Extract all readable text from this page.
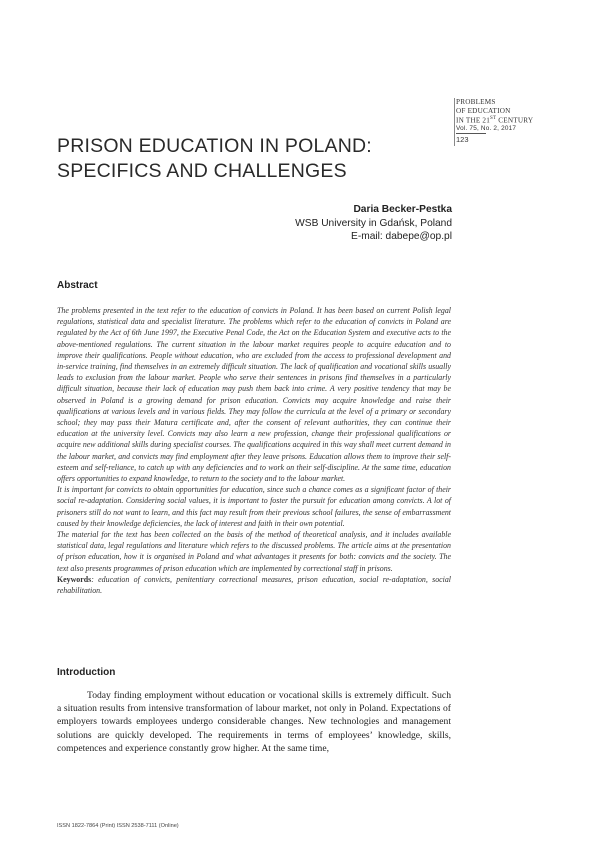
PROBLEMS
OF EDUCATION
IN THE 21ST CENTURY
Vol. 75, No. 2, 2017
123
PRISON EDUCATION IN POLAND:
SPECIFICS AND CHALLENGES
Daria Becker-Pestka
WSB University in Gdańsk, Poland
E-mail: dabepe@op.pl
Abstract

The problems presented in the text refer to the education of convicts in Poland. It has been based on current Polish legal regulations, statistical data and specialist literature. The problems which refer to the education of convicts in Poland are regulated by the Act of 6th June 1997, the Executive Penal Code, the Act on the Education System and executive acts to the above-mentioned regulations. The current situation in the labour market requires people to acquire education and to improve their qualifications. People without education, who are excluded from the access to professional development and in-service training, find themselves in an extremely difficult situation. The lack of qualification and vocational skills usually leads to exclusion from the labour market. People who serve their sentences in prisons find themselves in a particularly difficult situation, because their lack of education may push them back into crime. A very positive tendency that may be observed in Poland is a growing demand for prison education. Convicts may acquire knowledge and raise their qualifications at various levels and in various fields. They may follow the curricula at the level of a primary or secondary school; they may pass their Matura certificate and, after the consent of relevant authorities, they can continue their education at the university level. Convicts may also learn a new profession, change their professional qualifications or acquire new additional skills during specialist courses. The qualifications acquired in this way shall meet current demand in the labour market, and convicts may find employment after they leave prisons. Education allows them to improve their self-esteem and self-reliance, to catch up with any deficiencies and to work on their self-discipline. At the same time, education offers opportunities to expand knowledge, to return to the society and to the labour market.

It is important for convicts to obtain opportunities for education, since such a chance comes as a significant factor of their social re-adaptation. Considering social values, it is important to foster the pursuit for education among convicts. A lot of prisoners still do not want to learn, and this fact may result from their previous school failures, the sense of embarrassment caused by their knowledge deficiencies, the lack of interest and faith in their own potential.

The material for the text has been collected on the basis of the method of theoretical analysis, and it includes available statistical data, legal regulations and literature which refers to the discussed problems. The article aims at the presentation of prison education, how it is organised in Poland and what advantages it presents for both: convicts and the society. The text also presents programmes of prison education which are implemented by correctional staff in prisons.

Keywords: education of convicts, penitentiary correctional measures, prison education, social re-adaptation, social rehabilitation.

Introduction

Today finding employment without education or vocational skills is extremely difficult. Such a situation results from intensive transformation of labour market, not only in Poland. Expectations of employers towards employees undergo considerable changes. New technologies and management solutions are quickly developed. The requirements in terms of employees’ knowledge, skills, competences and experience constantly grow higher. At the same time,

ISSN 1822-7864 (Print) ISSN 2538-7111 (Online)
